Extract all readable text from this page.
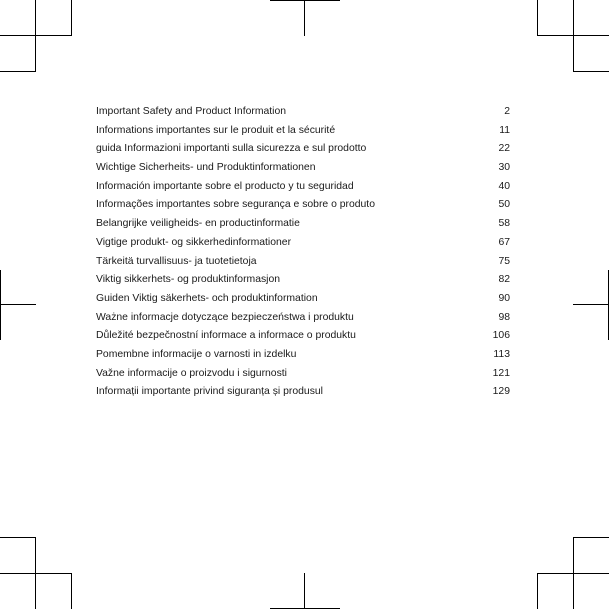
Important Safety and Product Information	2
Informations importantes sur le produit et la sécurité	11
guida Informazioni importanti sulla sicurezza e sul prodotto	22
Wichtige Sicherheits- und Produktinformationen	30
Información importante sobre el producto y tu seguridad	40
Informações importantes sobre segurança e sobre o produto	50
Belangrijke veiligheids- en productinformatie	58
Vigtige produkt- og sikkerhedinformationer	67
Tärkeitä turvallisuus- ja tuotetietoja	75
Viktig sikkerhets- og produktinformasjon	82
Guiden Viktig säkerhets- och produktinformation	90
Ważne informacje dotyczące bezpieczeństwa i produktu	98
Důležité bezpečnostní informace a informace o produktu	106
Pomembne informacije o varnosti in izdelku	113
Važne informacije o proizvodu i sigurnosti	121
Informații importante privind siguranța și produsul	129
